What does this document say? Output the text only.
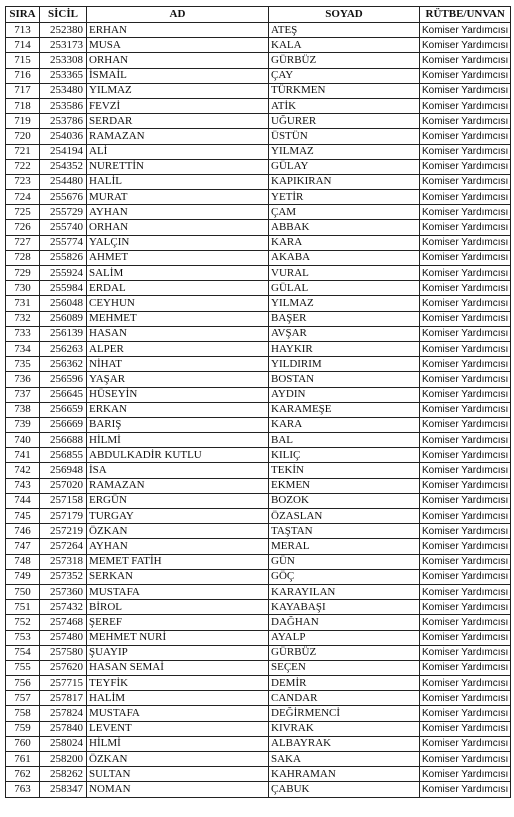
SIRA	SİCİL	AD	SOYAD	RÜTBE/UNVAN
713	252380	ERHAN	ATEŞ	Komiser Yardımcısı
714	253173	MUSA	KALA	Komiser Yardımcısı
715	253308	ORHAN	GÜRBÜZ	Komiser Yardımcısı
716	253365	İSMAİL	ÇAY	Komiser Yardımcısı
717	253480	YILMAZ	TÜRKMEN	Komiser Yardımcısı
718	253586	FEVZİ	ATİK	Komiser Yardımcısı
719	253786	SERDAR	UĞURER	Komiser Yardımcısı
720	254036	RAMAZAN	ÜSTÜN	Komiser Yardımcısı
721	254194	ALİ	YILMAZ	Komiser Yardımcısı
722	254352	NURETTİN	GÜLAY	Komiser Yardımcısı
723	254480	HALİL	KAPIKIRAN	Komiser Yardımcısı
724	255676	MURAT	YETİR	Komiser Yardımcısı
725	255729	AYHAN	ÇAM	Komiser Yardımcısı
726	255740	ORHAN	ABBAK	Komiser Yardımcısı
727	255774	YALÇIN	KARA	Komiser Yardımcısı
728	255826	AHMET	AKABA	Komiser Yardımcısı
729	255924	SALİM	VURAL	Komiser Yardımcısı
730	255984	ERDAL	GÜLAL	Komiser Yardımcısı
731	256048	CEYHUN	YILMAZ	Komiser Yardımcısı
732	256089	MEHMET	BAŞER	Komiser Yardımcısı
733	256139	HASAN	AVŞAR	Komiser Yardımcısı
734	256263	ALPER	HAYKIR	Komiser Yardımcısı
735	256362	NİHAT	YILDIRIM	Komiser Yardımcısı
736	256596	YAŞAR	BOSTAN	Komiser Yardımcısı
737	256645	HÜSEYİN	AYDIN	Komiser Yardımcısı
738	256659	ERKAN	KARAMEŞE	Komiser Yardımcısı
739	256669	BARIŞ	KARA	Komiser Yardımcısı
740	256688	HİLMİ	BAL	Komiser Yardımcısı
741	256855	ABDULKADİR KUTLU	KILIÇ	Komiser Yardımcısı
742	256948	İSA	TEKİN	Komiser Yardımcısı
743	257020	RAMAZAN	EKMEN	Komiser Yardımcısı
744	257158	ERGÜN	BOZOK	Komiser Yardımcısı
745	257179	TURGAY	ÖZASLAN	Komiser Yardımcısı
746	257219	ÖZKAN	TAŞTAN	Komiser Yardımcısı
747	257264	AYHAN	MERAL	Komiser Yardımcısı
748	257318	MEMET FATİH	GÜN	Komiser Yardımcısı
749	257352	SERKAN	GÖÇ	Komiser Yardımcısı
750	257360	MUSTAFA	KARAYILAN	Komiser Yardımcısı
751	257432	BİROL	KAYABAŞI	Komiser Yardımcısı
752	257468	ŞEREF	DAĞHAN	Komiser Yardımcısı
753	257480	MEHMET NURİ	AYALP	Komiser Yardımcısı
754	257580	ŞUAYIP	GÜRBÜZ	Komiser Yardımcısı
755	257620	HASAN SEMAİ	SEÇEN	Komiser Yardımcısı
756	257715	TEYFİK	DEMİR	Komiser Yardımcısı
757	257817	HALİM	CANDAR	Komiser Yardımcısı
758	257824	MUSTAFA	DEĞİRMENCİ	Komiser Yardımcısı
759	257840	LEVENT	KIVRAK	Komiser Yardımcısı
760	258024	HİLMİ	ALBAYRAK	Komiser Yardımcısı
761	258200	ÖZKAN	SAKA	Komiser Yardımcısı
762	258262	SULTAN	KAHRAMAN	Komiser Yardımcısı
763	258347	NOMAN	ÇABUK	Komiser Yardımcısı
